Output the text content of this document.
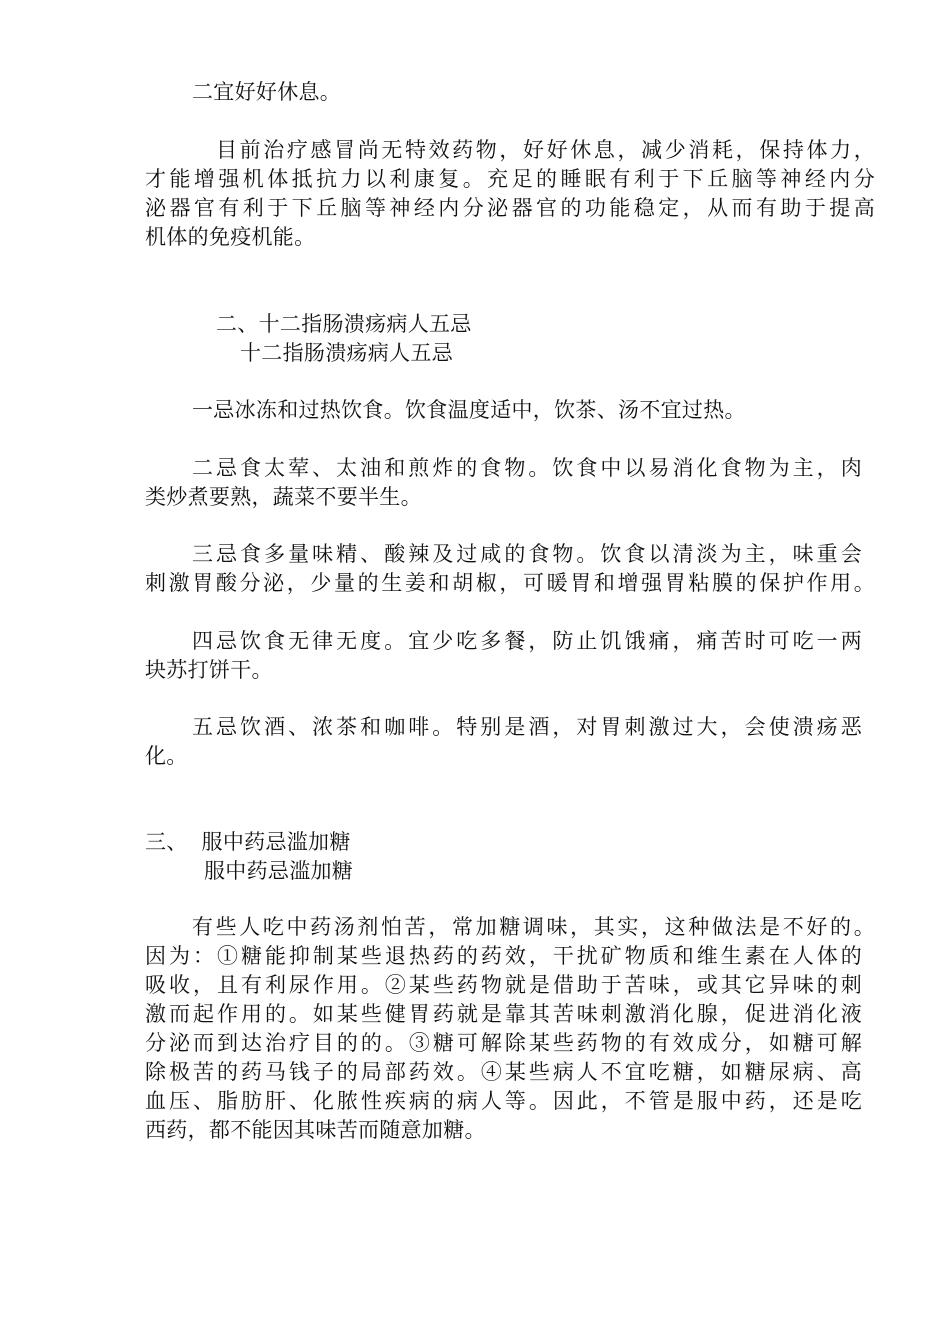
二宜好好休息。
目前治疗感冒尚无特效药物，好好休息，减少消耗，保持体力，
才能增强机体抵抗力以利康复。充足的睡眠有利于下丘脑等神经内分
泌器官有利于下丘脑等神经内分泌器官的功能稳定，从而有助于提高
机体的免疫机能。
二、十二指肠溃疡病人五忌
十二指肠溃疡病人五忌
一忌冰冻和过热饮食。饮食温度适中，饮茶、汤不宜过热。
二忌食太荤、太油和煎炸的食物。饮食中以易消化食物为主，肉
类炒煮要熟，蔬菜不要半生。
三忌食多量味精、酸辣及过咸的食物。饮食以清淡为主，味重会
刺激胃酸分泌，少量的生姜和胡椒，可暖胃和增强胃粘膜的保护作用。
四忌饮食无律无度。宜少吃多餐，防止饥饿痛，痛苦时可吃一两
块苏打饼干。
五忌饮酒、浓茶和咖啡。特别是酒，对胃刺激过大，会使溃疡恶
化。
三、  服中药忌滥加糖
服中药忌滥加糖
有些人吃中药汤剂怕苦，常加糖调味，其实，这种做法是不好的。
因为：①糖能抑制某些退热药的药效，干扰矿物质和维生素在人体的
吸收，且有利尿作用。②某些药物就是借助于苦味，或其它异味的刺
激而起作用的。如某些健胃药就是靠其苦味刺激消化腺，促进消化液
分泌而到达治疗目的的。③糖可解除某些药物的有效成分，如糖可解
除极苦的药马钱子的局部药效。④某些病人不宜吃糖，如糖尿病、高
血压、脂肪肝、化脓性疾病的病人等。因此，不管是服中药，还是吃
西药，都不能因其味苦而随意加糖。
